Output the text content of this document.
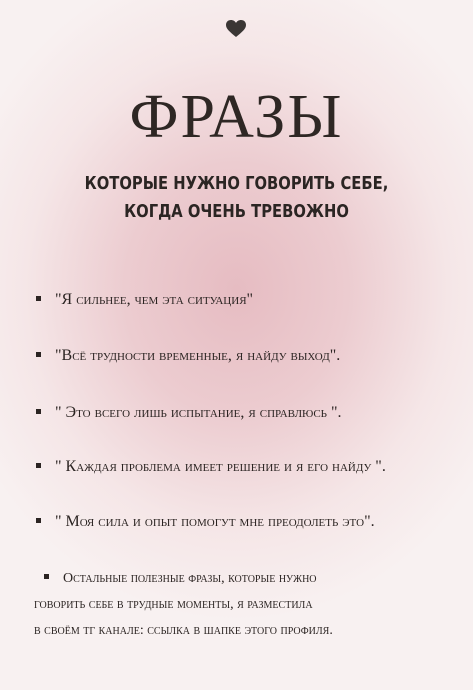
ФРАЗЫ
КОТОРЫЕ НУЖНО ГОВОРИТЬ СЕБЕ,
КОГДА ОЧЕНЬ ТРЕВОЖНО
"Я сильнее, чем эта ситуация"
"Всё трудности временные, я найду выход".
" Это всего лишь испытание, я справлюсь ".
" Каждая проблема имеет решение и я его найду ".
" Моя сила и опыт помогут мне преодолеть это".
Остальные полезные фразы, которые нужно
говорить себе в трудные моменты, я разместила
в своём тг канале: ссылка в шапке этого профиля.
